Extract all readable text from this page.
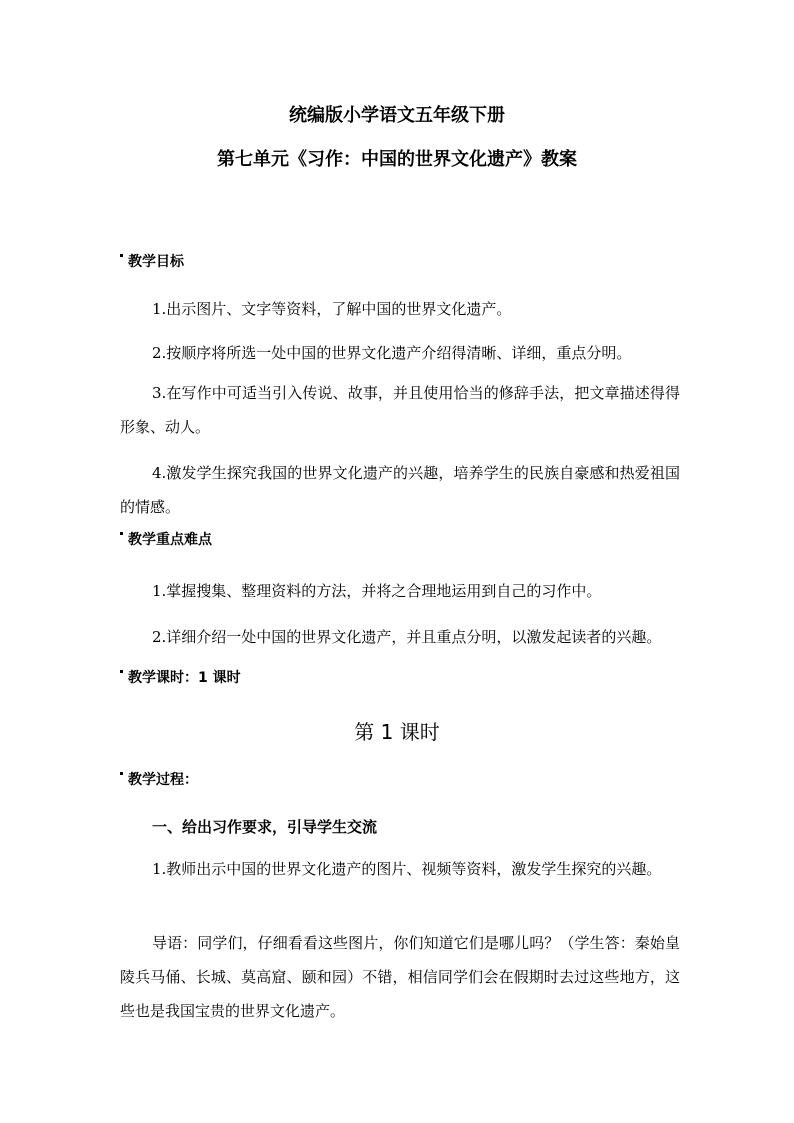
统编版小学语文五年级下册
第七单元《习作：中国的世界文化遗产》教案
教学目标
1.出示图片、文字等资料，了解中国的世界文化遗产。
2.按顺序将所选一处中国的世界文化遗产介绍得清晰、详细，重点分明。
3.在写作中可适当引入传说、故事，并且使用恰当的修辞手法，把文章描述得得形象、动人。
4.激发学生探究我国的世界文化遗产的兴趣，培养学生的民族自豪感和热爱祖国的情感。
教学重点难点
1.掌握搜集、整理资料的方法，并将之合理地运用到自己的习作中。
2.详细介绍一处中国的世界文化遗产，并且重点分明，以激发起读者的兴趣。
教学课时：1 课时
第 1 课时
教学过程：
一、给出习作要求，引导学生交流
1.教师出示中国的世界文化遗产的图片、视频等资料，激发学生探究的兴趣。
导语：同学们，仔细看看这些图片，你们知道它们是哪儿吗？（学生答：秦始皇陵兵马俑、长城、莫高窟、颐和园）不错，相信同学们会在假期时去过这些地方，这些也是我国宝贵的世界文化遗产。
